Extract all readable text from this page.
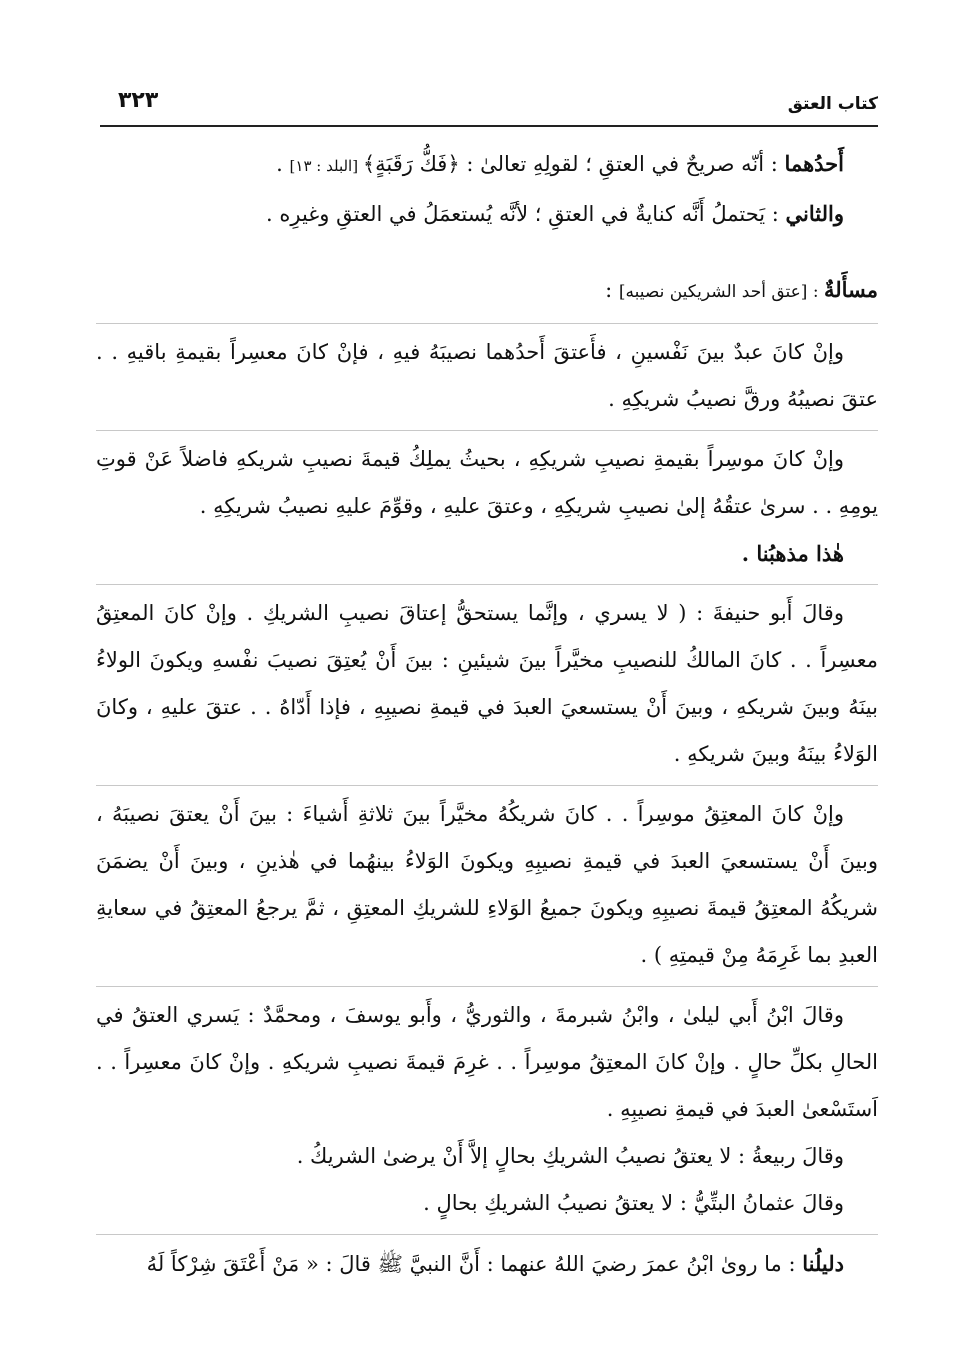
كتاب العتق
٣٢٣

أَحدُهما : أنّه صريحٌ في العتقِ ؛ لقولِهِ تعالىٰ : ﴿فَكُّ رَقَبَةٍ﴾ [البلد : ١٣] .

والثاني : يَحتملُ أَنَّه كنايةٌ في العتقِ ؛ لأنَّه يُستعمَلُ في العتقِ وغيرِه .

مسأَلةٌ : [عتق أحد الشريكين نصيبه] :

وإنْ كانَ عبدٌ بينَ نَفْسينِ ، فأَعتقَ أَحدُهما نصيبَهُ فيهِ ، فإنْ كانَ معسِراً بقيمةِ باقيهِ . . عتقَ نصيبُهُ ورقَّ نصيبُ شريكِهِ .

وإنْ كانَ موسِراً بقيمةِ نصيبِ شريكِهِ ، بحيثُ يملِكُ قيمةَ نصيبِ شريكهِ فاضلاً عَنْ قوتِ يومِهِ . . سرىٰ عتقُهُ إلىٰ نصيبِ شريكِهِ ، وعتقَ عليهِ ، وقوِّمَ عليهِ نصيبُ شريكِهِ .

هٰذا مذهبُنا .

وقالَ أَبو حنيفةَ : ( لا يسري ، وإنَّما يستحقُّ إعتاقَ نصيبِ الشريكِ . وإنْ كانَ المعتِقُ معسِراً . . كانَ المالكُ للنصيبِ مخيَّراً بينَ شيئينِ : بينَ أَنْ يُعتِقَ نصيبَ نفْسهِ ويكونَ الولاءُ بينَهُ وبينَ شريكهِ ، وبينَ أَنْ يستسعيَ العبدَ في قيمةِ نصيبِهِ ، فإذا أَدّاهُ . . عتقَ عليهِ ، وكانَ الوَلاءُ بينَهُ وبينَ شريكهِ .

وإنْ كانَ المعتِقُ موسِراً . . كانَ شريكُهُ مخيَّراً بينَ ثلاثةِ أَشياءَ : بينَ أَنْ يعتقَ نصيبَهُ ، وبينَ أَنْ يستسعيَ العبدَ في قيمةِ نصيبِهِ ويكونَ الوَلاءُ بينهُما في هٰذينِ ، وبينَ أَنْ يضمَنَ شريكُهُ المعتِقُ قيمةَ نصيبِهِ ويكونَ جميعُ الوَلاءِ للشريكِ المعتِقِ ، ثمَّ يرجعُ المعتِقُ في سعايةِ العبدِ بما غَرِمَهُ مِنْ قيمتِهِ ) .

وقالَ ابْنُ أَبي ليلىٰ ، وابْنُ شبرمةَ ، والثوريُّ ، وأَبو يوسفَ ، ومحمَّدٌ : يَسري العتقُ في الحالِ بكلِّ حالٍ . وإنْ كانَ المعتِقُ موسِراً . . غرِمَ قيمةَ نصيبِ شريكهِ . وإنْ كانَ معسِراً . . اَستَسْعىٰ العبدَ في قيمةِ نصيبِهِ .

وقالَ ربيعةُ : لا يعتقُ نصيبُ الشريكِ بحالٍ إلاَّ أَنْ يرضىٰ الشريكُ .

وقالَ عثمانُ البتِّيُّ : لا يعتقُ نصيبُ الشريكِ بحالٍ .

دليلُنا : ما روىٰ ابْنُ عمرَ رضيَ اللهُ عنهما : أَنَّ النبيَّ ﷺ قالَ : « مَنْ أَعْتَقَ شِرْكاً لَهُ
